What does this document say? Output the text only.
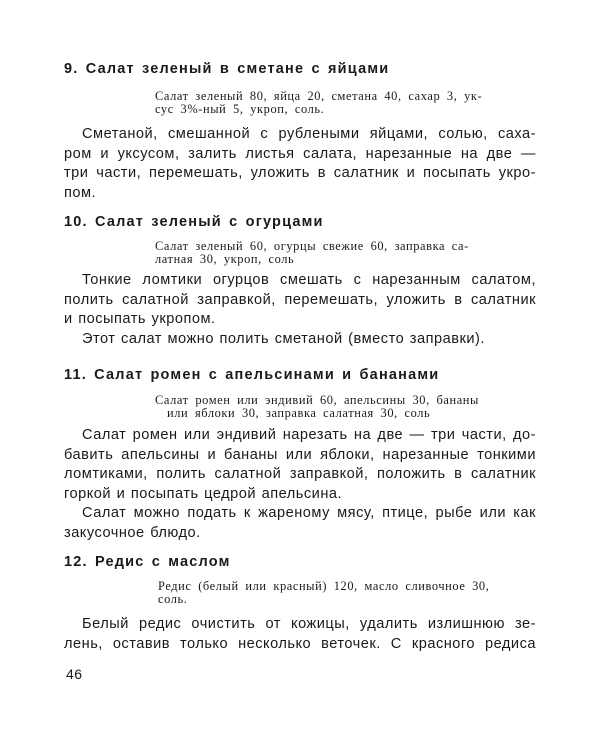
9. Салат зеленый в сметане с яйцами
Салат зеленый 80, яйца 20, сметана 40, сахар 3, ук-
сус 3%-ный 5, укроп, соль.
Сметаной, смешанной с рублеными яйцами, солью, саха-
ром и уксусом, залить листья салата, нарезанные на две —
три части, перемешать, уложить в салатник и посыпать укро-
пом.
10. Салат зеленый с огурцами
Салат зеленый 60, огурцы свежие 60, заправка са-
латная 30, укроп, соль
Тонкие ломтики огурцов смешать с нарезанным салатом,
полить салатной заправкой, перемешать, уложить в салатник
и посыпать укропом.
Этот салат можно полить сметаной (вместо заправки).
11. Салат ромен с апельсинами и бананами
Салат ромен или эндивий 60, апельсины 30, бананы
или яблоки 30, заправка салатная 30, соль
Салат ромен или эндивий нарезать на две — три части, до-
бавить апельсины и бананы или яблоки, нарезанные тонкими
ломтиками, полить салатной заправкой, положить в салатник
горкой и посыпать цедрой апельсина.
Салат можно подать к жареному мясу, птице, рыбе или как
закусочное блюдо.
12. Редис с маслом
Редис (белый или красный) 120, масло сливочное 30,
соль.
Белый редис очистить от кожицы, удалить излишнюю зе-
лень, оставив только несколько веточек. С красного редиса
46
